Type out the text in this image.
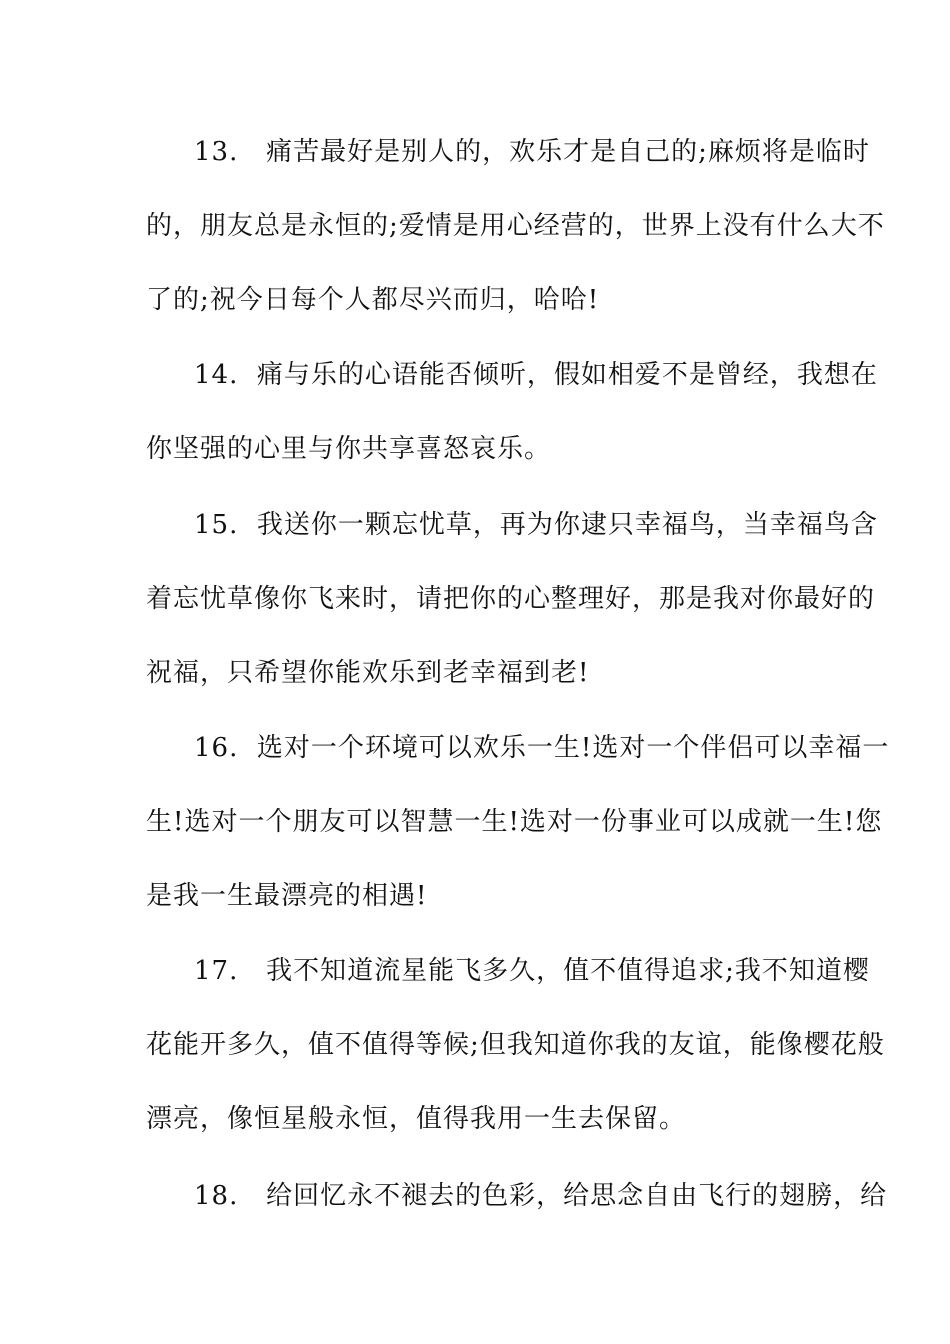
13.   痛苦最好是别人的，欢乐才是自己的;麻烦将是临时
的，朋友总是永恒的;爱情是用心经营的，世界上没有什么大不
了的;祝今日每个人都尽兴而归，哈哈!
14.  痛与乐的心语能否倾听，假如相爱不是曾经，我想在
你坚强的心里与你共享喜怒哀乐。
15.  我送你一颗忘忧草，再为你逮只幸福鸟，当幸福鸟含
着忘忧草像你飞来时，请把你的心整理好，那是我对你最好的
祝福，只希望你能欢乐到老幸福到老!
16.  选对一个环境可以欢乐一生!选对一个伴侣可以幸福一
生!选对一个朋友可以智慧一生!选对一份事业可以成就一生!您
是我一生最漂亮的相遇!
17.   我不知道流星能飞多久，值不值得追求;我不知道樱
花能开多久，值不值得等候;但我知道你我的友谊，能像樱花般
漂亮，像恒星般永恒，值得我用一生去保留。
18.   给回忆永不褪去的色彩，给思念自由飞行的翅膀，给
